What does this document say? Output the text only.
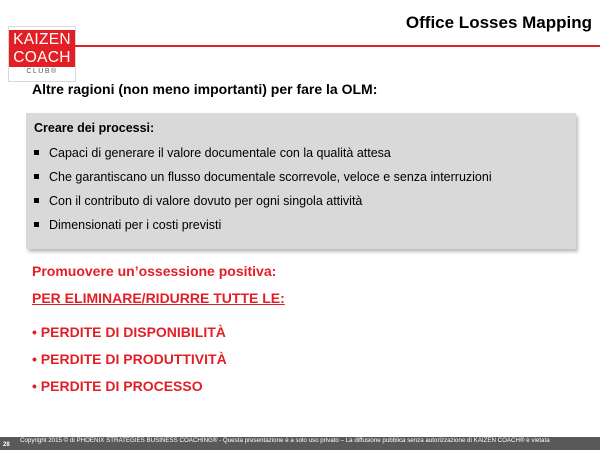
KAIZEN
COACH
CLUB®
Office Losses Mapping
Altre ragioni (non meno importanti) per fare la OLM:
Creare dei processi:
Capaci di generare il valore documentale con la qualità attesa
Che garantiscano un flusso documentale scorrevole, veloce e senza interruzioni
Con il contributo di valore dovuto per ogni singola attività
Dimensionati per i costi previsti
Promuovere un’ossessione positiva:
PER ELIMINARE/RIDURRE TUTTE LE:
• PERDITE DI DISPONIBILITÀ
• PERDITE DI PRODUTTIVITÀ
• PERDITE DI PROCESSO
28
Copyright 2015 © di PHOENIX STRATEGIES BUSINESS COACHING® - Questa presentazione è a solo uso privato – La diffusione pubblica senza autorizzazione di KAIZEN COACH® è vietata
